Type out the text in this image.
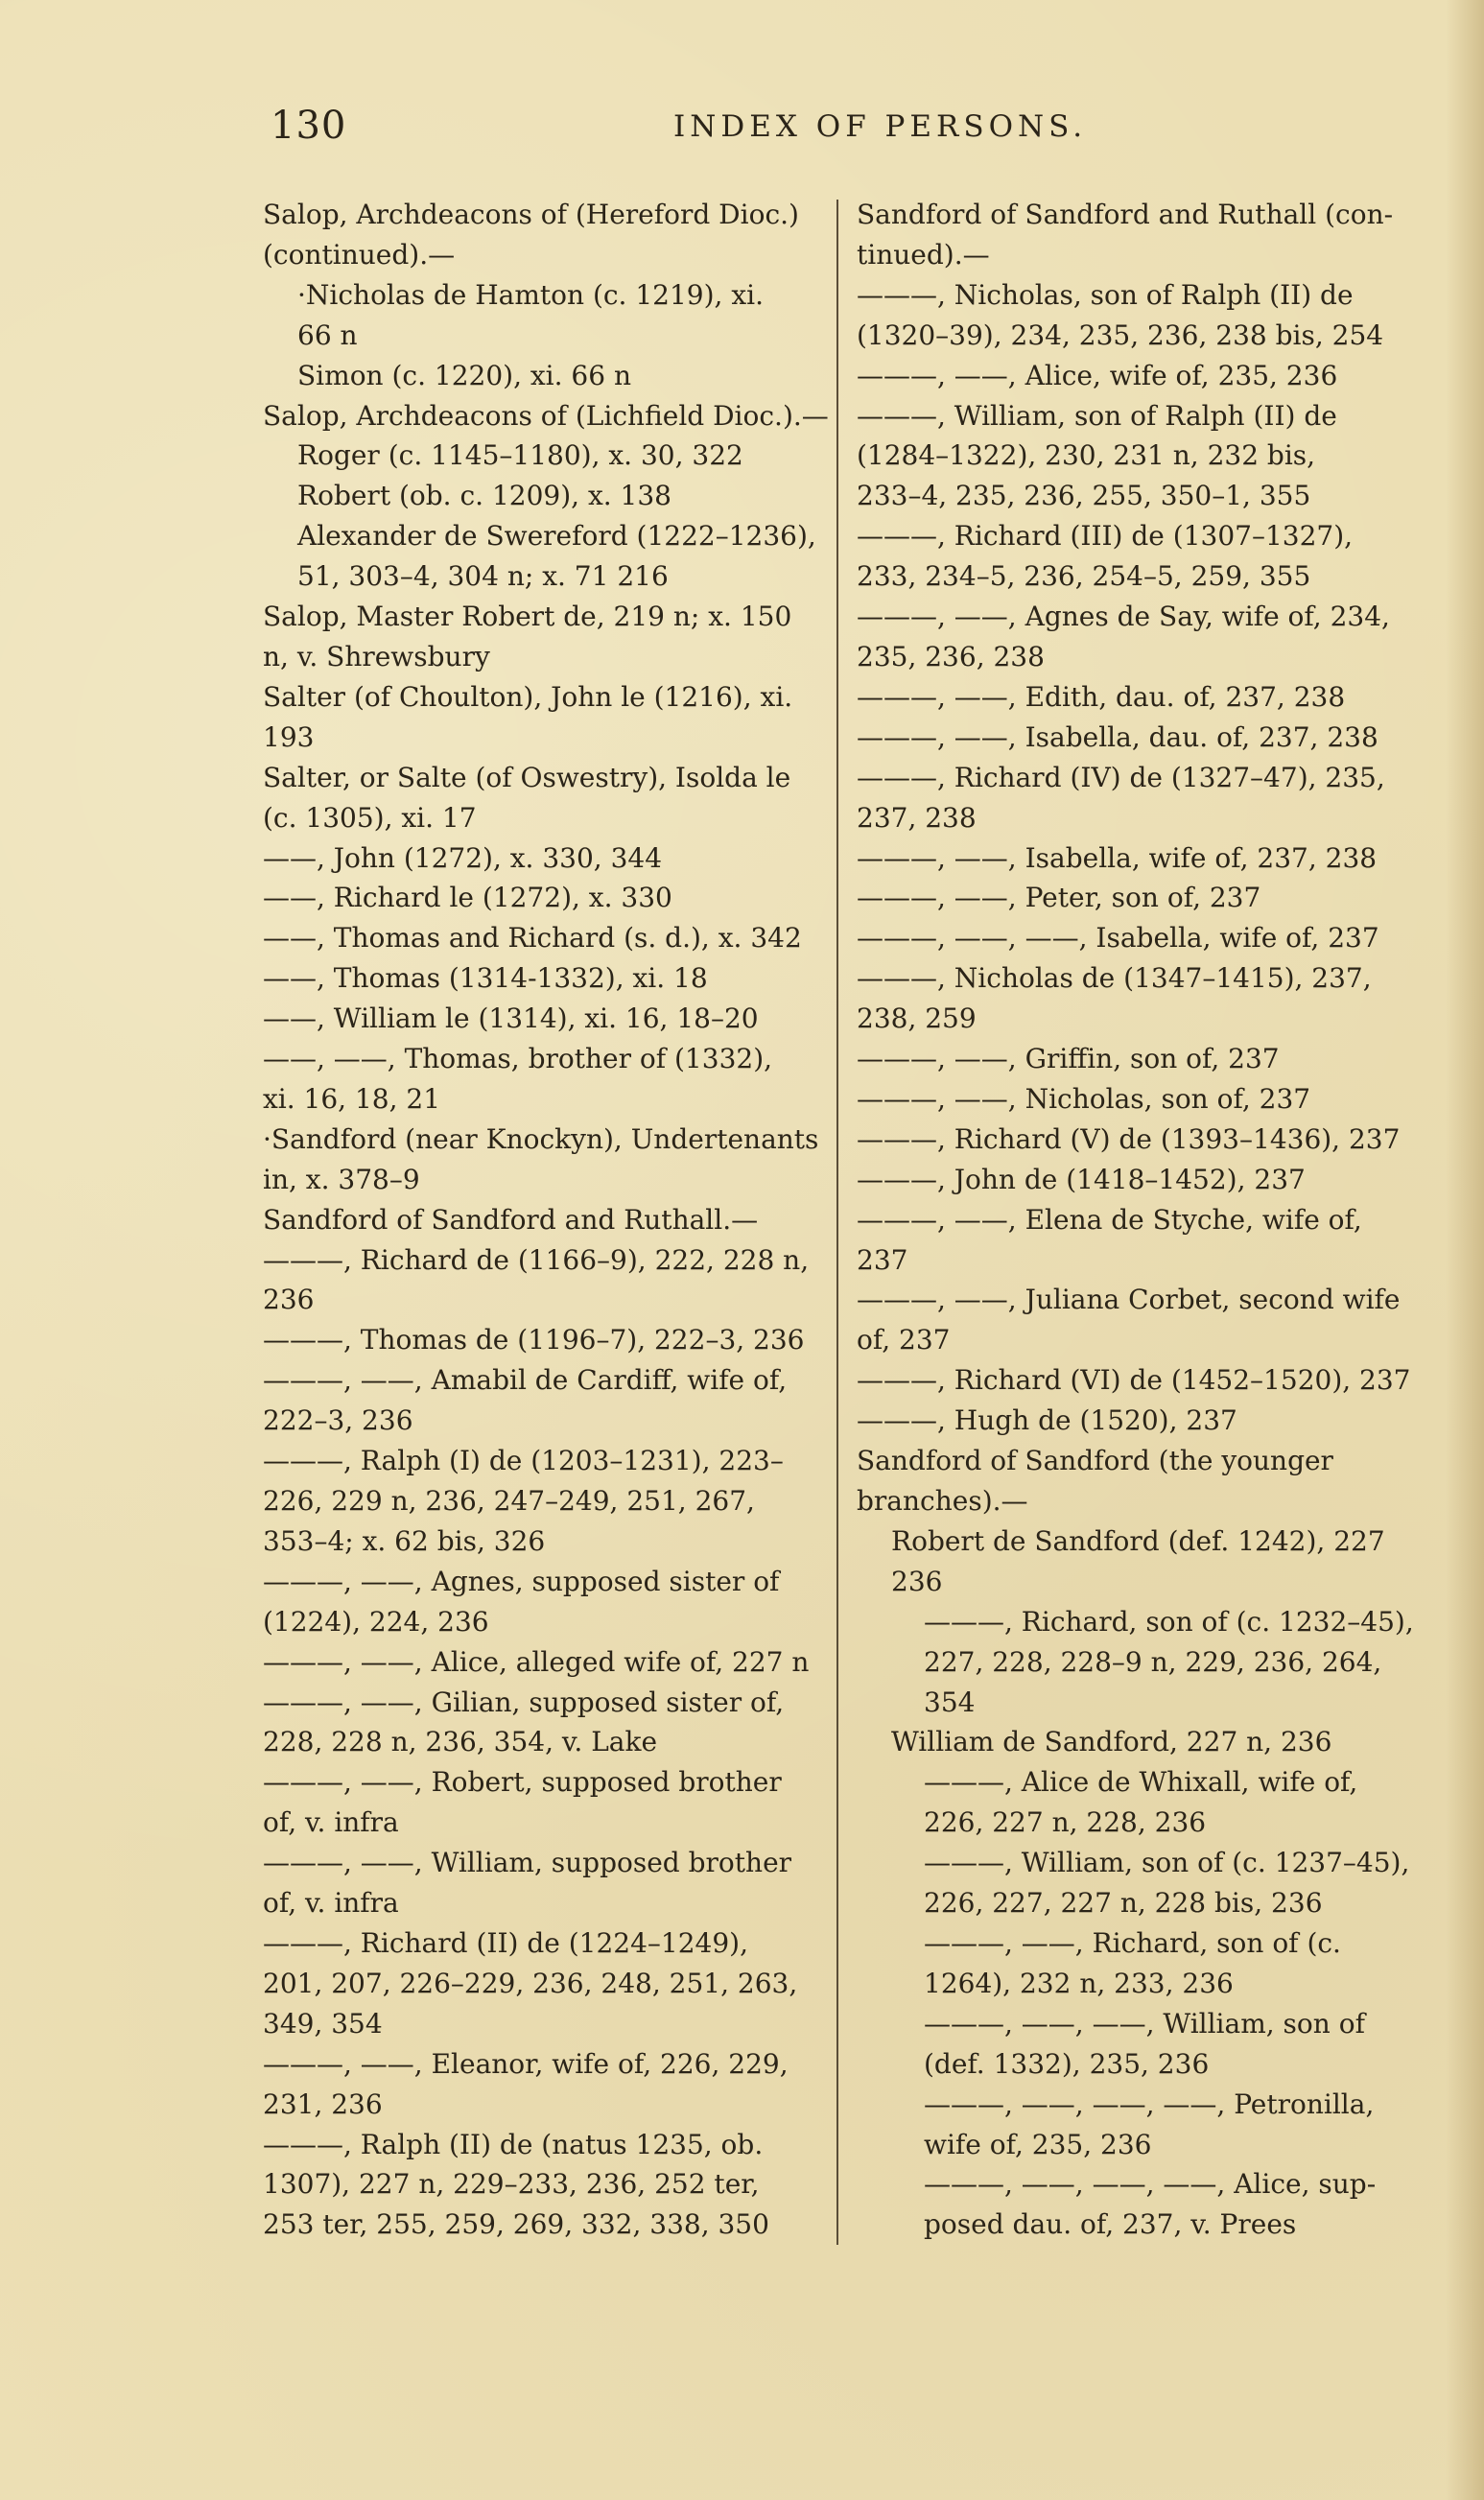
130	INDEX OF PERSONS.
Salop, Archdeacons of (Hereford Dioc.)
(continued).—
·Nicholas de Hamton (c. 1219), xi.
66 n
Simon (c. 1220), xi. 66 n
Salop, Archdeacons of (Lichfield Dioc.).—
Roger (c. 1145–1180), x. 30, 322
Robert (ob. c. 1209), x. 138
Alexander de Swereford (1222–1236),
51, 303–4, 304 n; x. 71 216
Salop, Master Robert de, 219 n; x. 150
n, v. Shrewsbury
Salter (of Choulton), John le (1216), xi.
193
Salter, or Salte (of Oswestry), Isolda le
(c. 1305), xi. 17
——, John (1272), x. 330, 344
——, Richard le (1272), x. 330
——, Thomas and Richard (s. d.), x. 342
——, Thomas (1314-1332), xi. 18
——, William le (1314), xi. 16, 18–20
——, ——, Thomas, brother of (1332),
xi. 16, 18, 21
·Sandford (near Knockyn), Undertenants
in, x. 378–9
Sandford of Sandford and Ruthall.—
———, Richard de (1166–9), 222, 228 n,
236
———, Thomas de (1196–7), 222–3, 236
———, ——, Amabil de Cardiff, wife of,
222–3, 236
———, Ralph (I) de (1203–1231), 223–
226, 229 n, 236, 247–249, 251, 267,
353–4; x. 62 bis, 326
———, ——, Agnes, supposed sister of
(1224), 224, 236
———, ——, Alice, alleged wife of, 227 n
———, ——, Gilian, supposed sister of,
228, 228 n, 236, 354, v. Lake
———, ——, Robert, supposed brother
of, v. infra
———, ——, William, supposed brother
of, v. infra
———, Richard (II) de (1224–1249),
201, 207, 226–229, 236, 248, 251, 263,
349, 354
———, ——, Eleanor, wife of, 226, 229,
231, 236
———, Ralph (II) de (natus 1235, ob.
1307), 227 n, 229–233, 236, 252 ter,
253 ter, 255, 259, 269, 332, 338, 350
Sandford of Sandford and Ruthall (con-
tinued).—
———, Nicholas, son of Ralph (II) de
(1320–39), 234, 235, 236, 238 bis, 254
———, ——, Alice, wife of, 235, 236
———, William, son of Ralph (II) de
(1284–1322), 230, 231 n, 232 bis,
233–4, 235, 236, 255, 350–1, 355
———, Richard (III) de (1307–1327),
233, 234–5, 236, 254–5, 259, 355
———, ——, Agnes de Say, wife of, 234,
235, 236, 238
———, ——, Edith, dau. of, 237, 238
———, ——, Isabella, dau. of, 237, 238
———, Richard (IV) de (1327–47), 235,
237, 238
———, ——, Isabella, wife of, 237, 238
———, ——, Peter, son of, 237
———, ——, ——, Isabella, wife of, 237
———, Nicholas de (1347–1415), 237,
238, 259
———, ——, Griffin, son of, 237
———, ——, Nicholas, son of, 237
———, Richard (V) de (1393–1436), 237
———, John de (1418–1452), 237
———, ——, Elena de Styche, wife of,
237
———, ——, Juliana Corbet, second wife
of, 237
———, Richard (VI) de (1452–1520), 237
———, Hugh de (1520), 237
Sandford of Sandford (the younger
branches).—
Robert de Sandford (def. 1242), 227
236
———, Richard, son of (c. 1232–45),
227, 228, 228–9 n, 229, 236, 264,
354
William de Sandford, 227 n, 236
———, Alice de Whixall, wife of,
226, 227 n, 228, 236
———, William, son of (c. 1237–45),
226, 227, 227 n, 228 bis, 236
———, ——, Richard, son of (c.
1264), 232 n, 233, 236
———, ——, ——, William, son of
(def. 1332), 235, 236
———, ——, ——, ——, Petronilla,
wife of, 235, 236
———, ——, ——, ——, Alice, sup-
posed dau. of, 237, v. Prees
